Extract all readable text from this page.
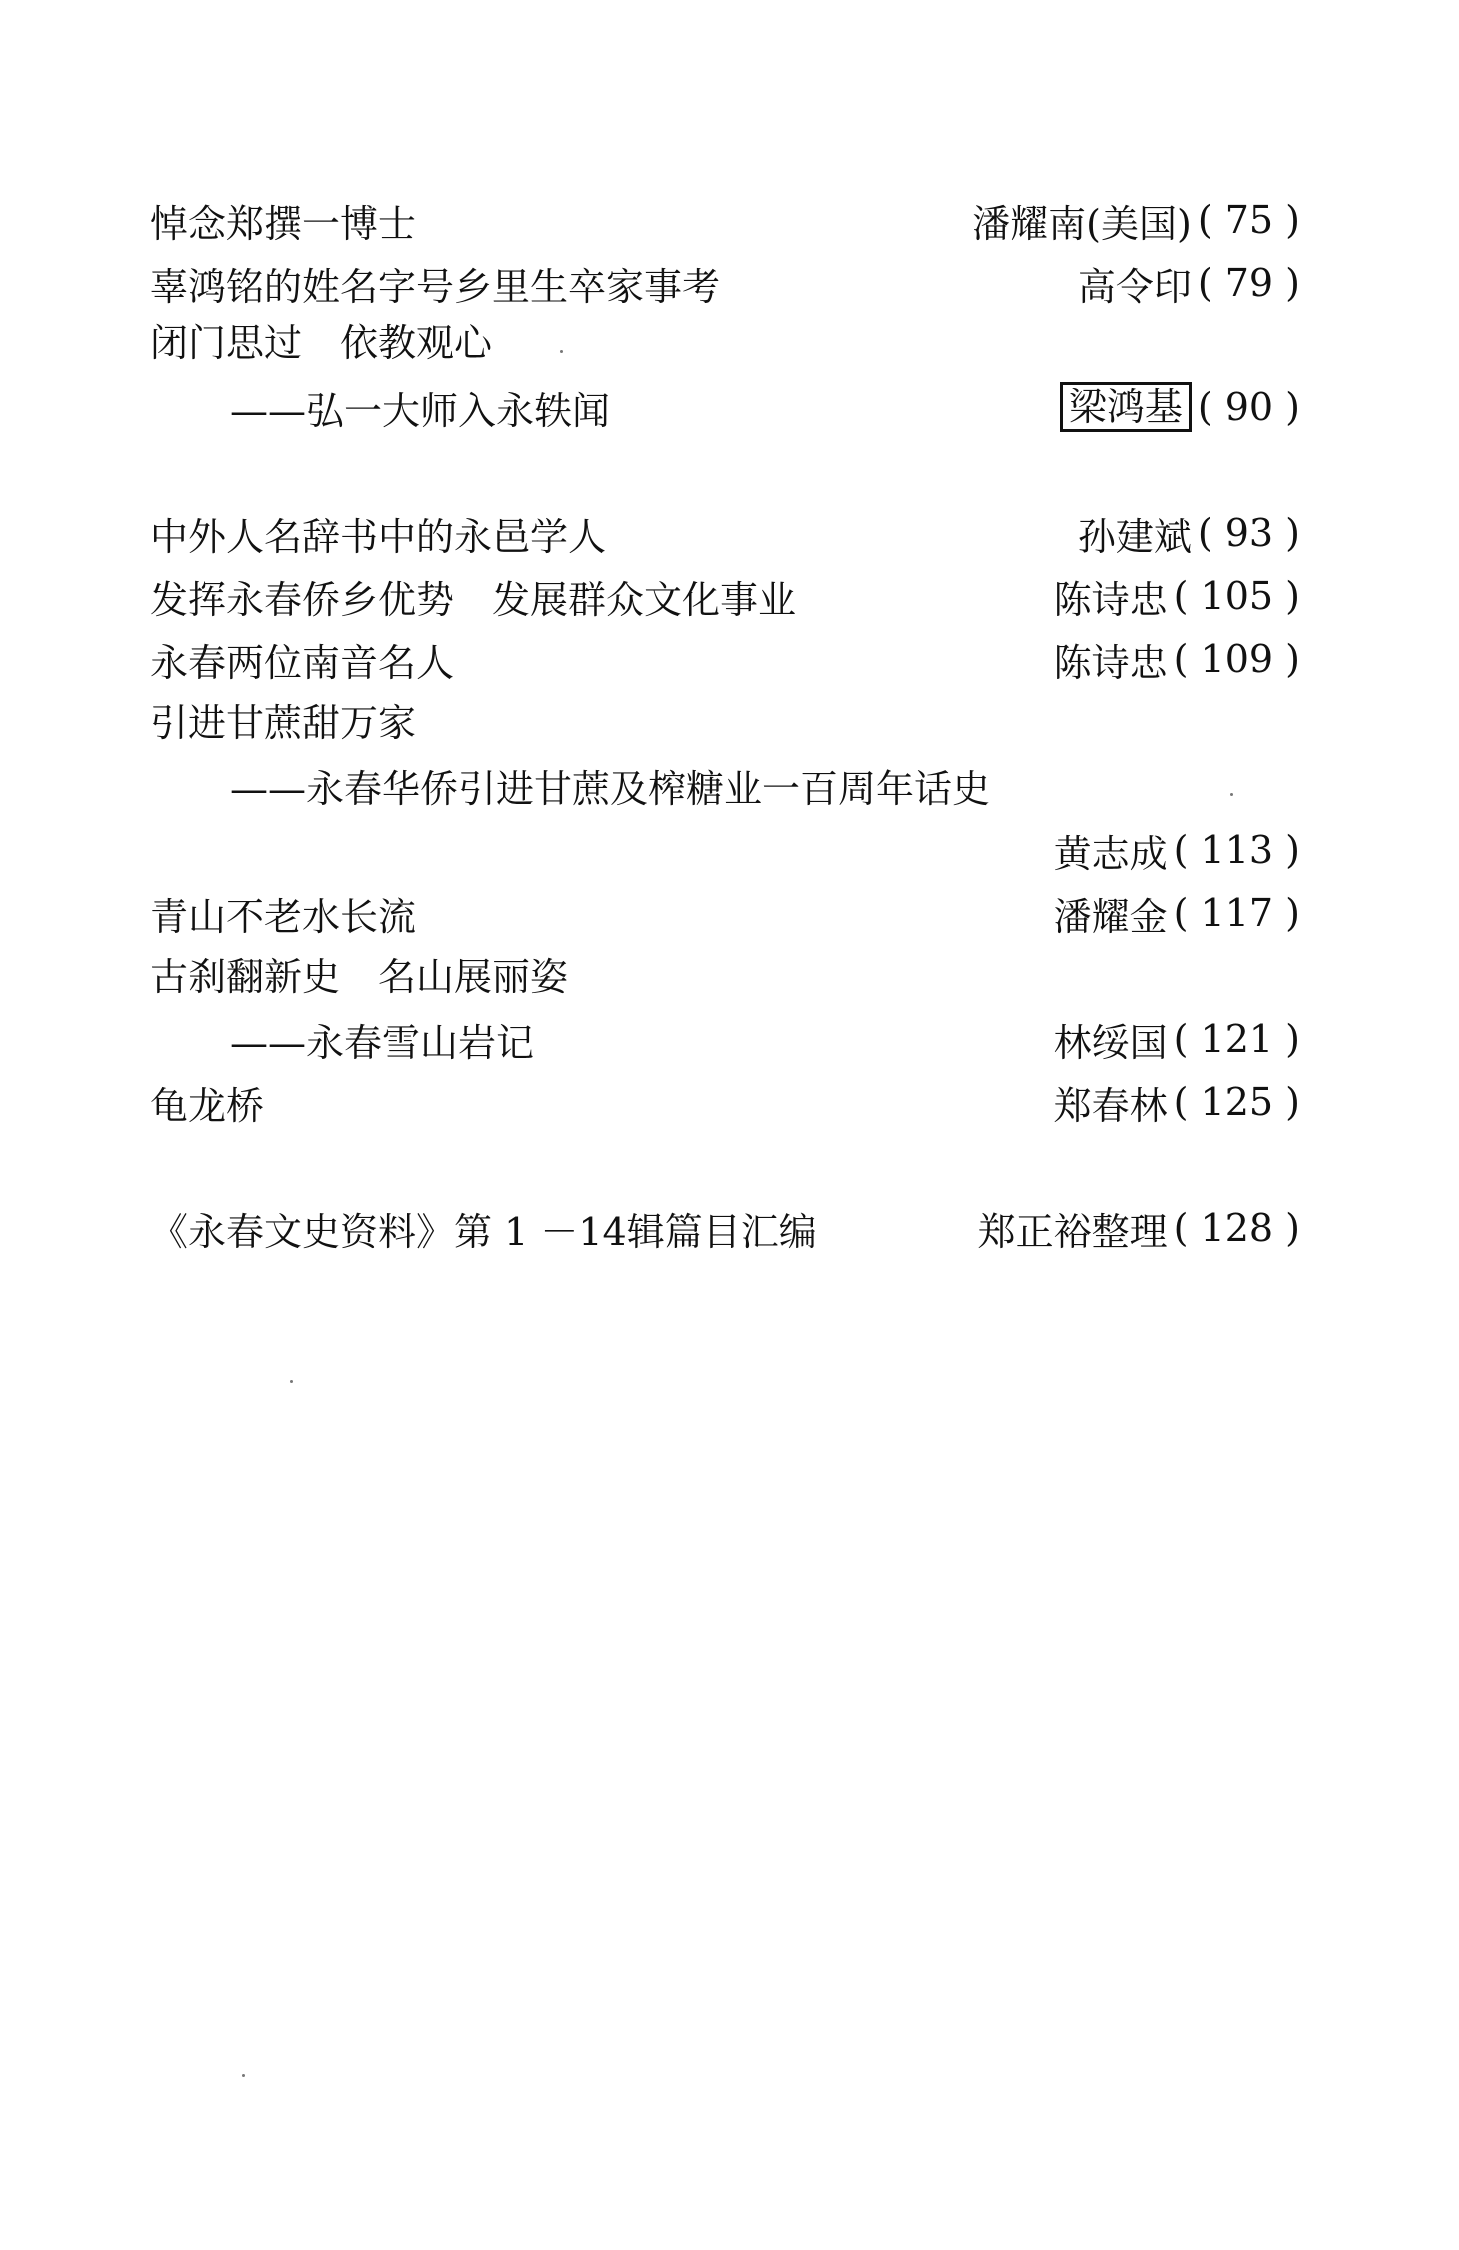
悼念郑撰一博士	潘耀南(美国) ( 75 )
辜鸿铭的姓名字号乡里生卒家事考	高令印 ( 79 )
闭门思过　依教观心
——弘一大师入永轶闻	梁鸿基 ( 90 )
中外人名辞书中的永邑学人	孙建斌 ( 93 )
发挥永春侨乡优势　发展群众文化事业	陈诗忠 ( 105 )
永春两位南音名人	陈诗忠 ( 109 )
引进甘蔗甜万家
——永春华侨引进甘蔗及榨糖业一百周年话史
黄志成 ( 113 )
青山不老水长流	潘耀金 ( 117 )
古刹翻新史　名山展丽姿
——永春雪山岩记	林绥国 ( 121 )
龟龙桥	郑春林 ( 125 )
《永春文史资料》第 1 －14辑篇目汇编	郑正裕整理 ( 128 )
